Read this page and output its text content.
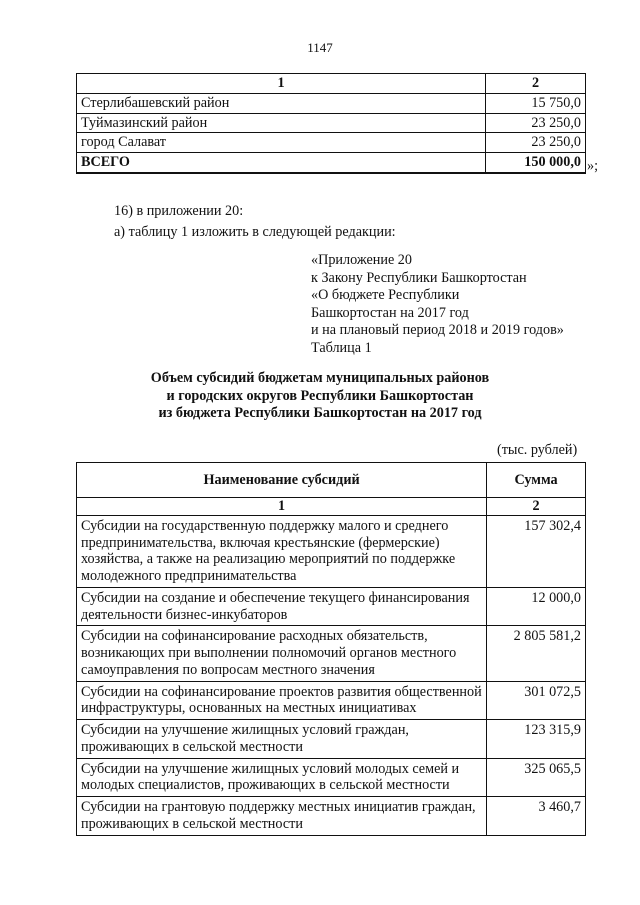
1147
1	2
Стерлибашевский район	15 750,0
Туймазинский район	23 250,0
город Салават	23 250,0
ВСЕГО	150 000,0 »;
16) в приложении 20:
а) таблицу 1 изложить в следующей редакции:
«Приложение 20
к Закону Республики Башкортостан
«О бюджете Республики
Башкортостан на 2017 год
и на плановый период 2018 и 2019 годов»
Таблица 1
Объем субсидий бюджетам муниципальных районов
и городских округов Республики Башкортостан
из бюджета Республики Башкортостан на 2017 год
(тыс. рублей)
Наименование субсидий	Сумма
1	2
Субсидии на государственную поддержку малого и среднего предпринимательства, включая крестьянские (фермерские) хозяйства, а также на реализацию мероприятий по поддержке молодежного предпринимательства	157 302,4
Субсидии на создание и обеспечение текущего финансирования деятельности бизнес-инкубаторов	12 000,0
Субсидии на софинансирование расходных обязательств, возникающих при выполнении полномочий органов местного самоуправления по вопросам местного значения	2 805 581,2
Субсидии на софинансирование проектов развития общественной инфраструктуры, основанных на местных инициативах	301 072,5
Субсидии на улучшение жилищных условий граждан, проживающих в сельской местности	123 315,9
Субсидии на улучшение жилищных условий молодых семей и молодых специалистов, проживающих в сельской местности	325 065,5
Субсидии на грантовую поддержку местных инициатив граждан, проживающих в сельской местности	3 460,7
